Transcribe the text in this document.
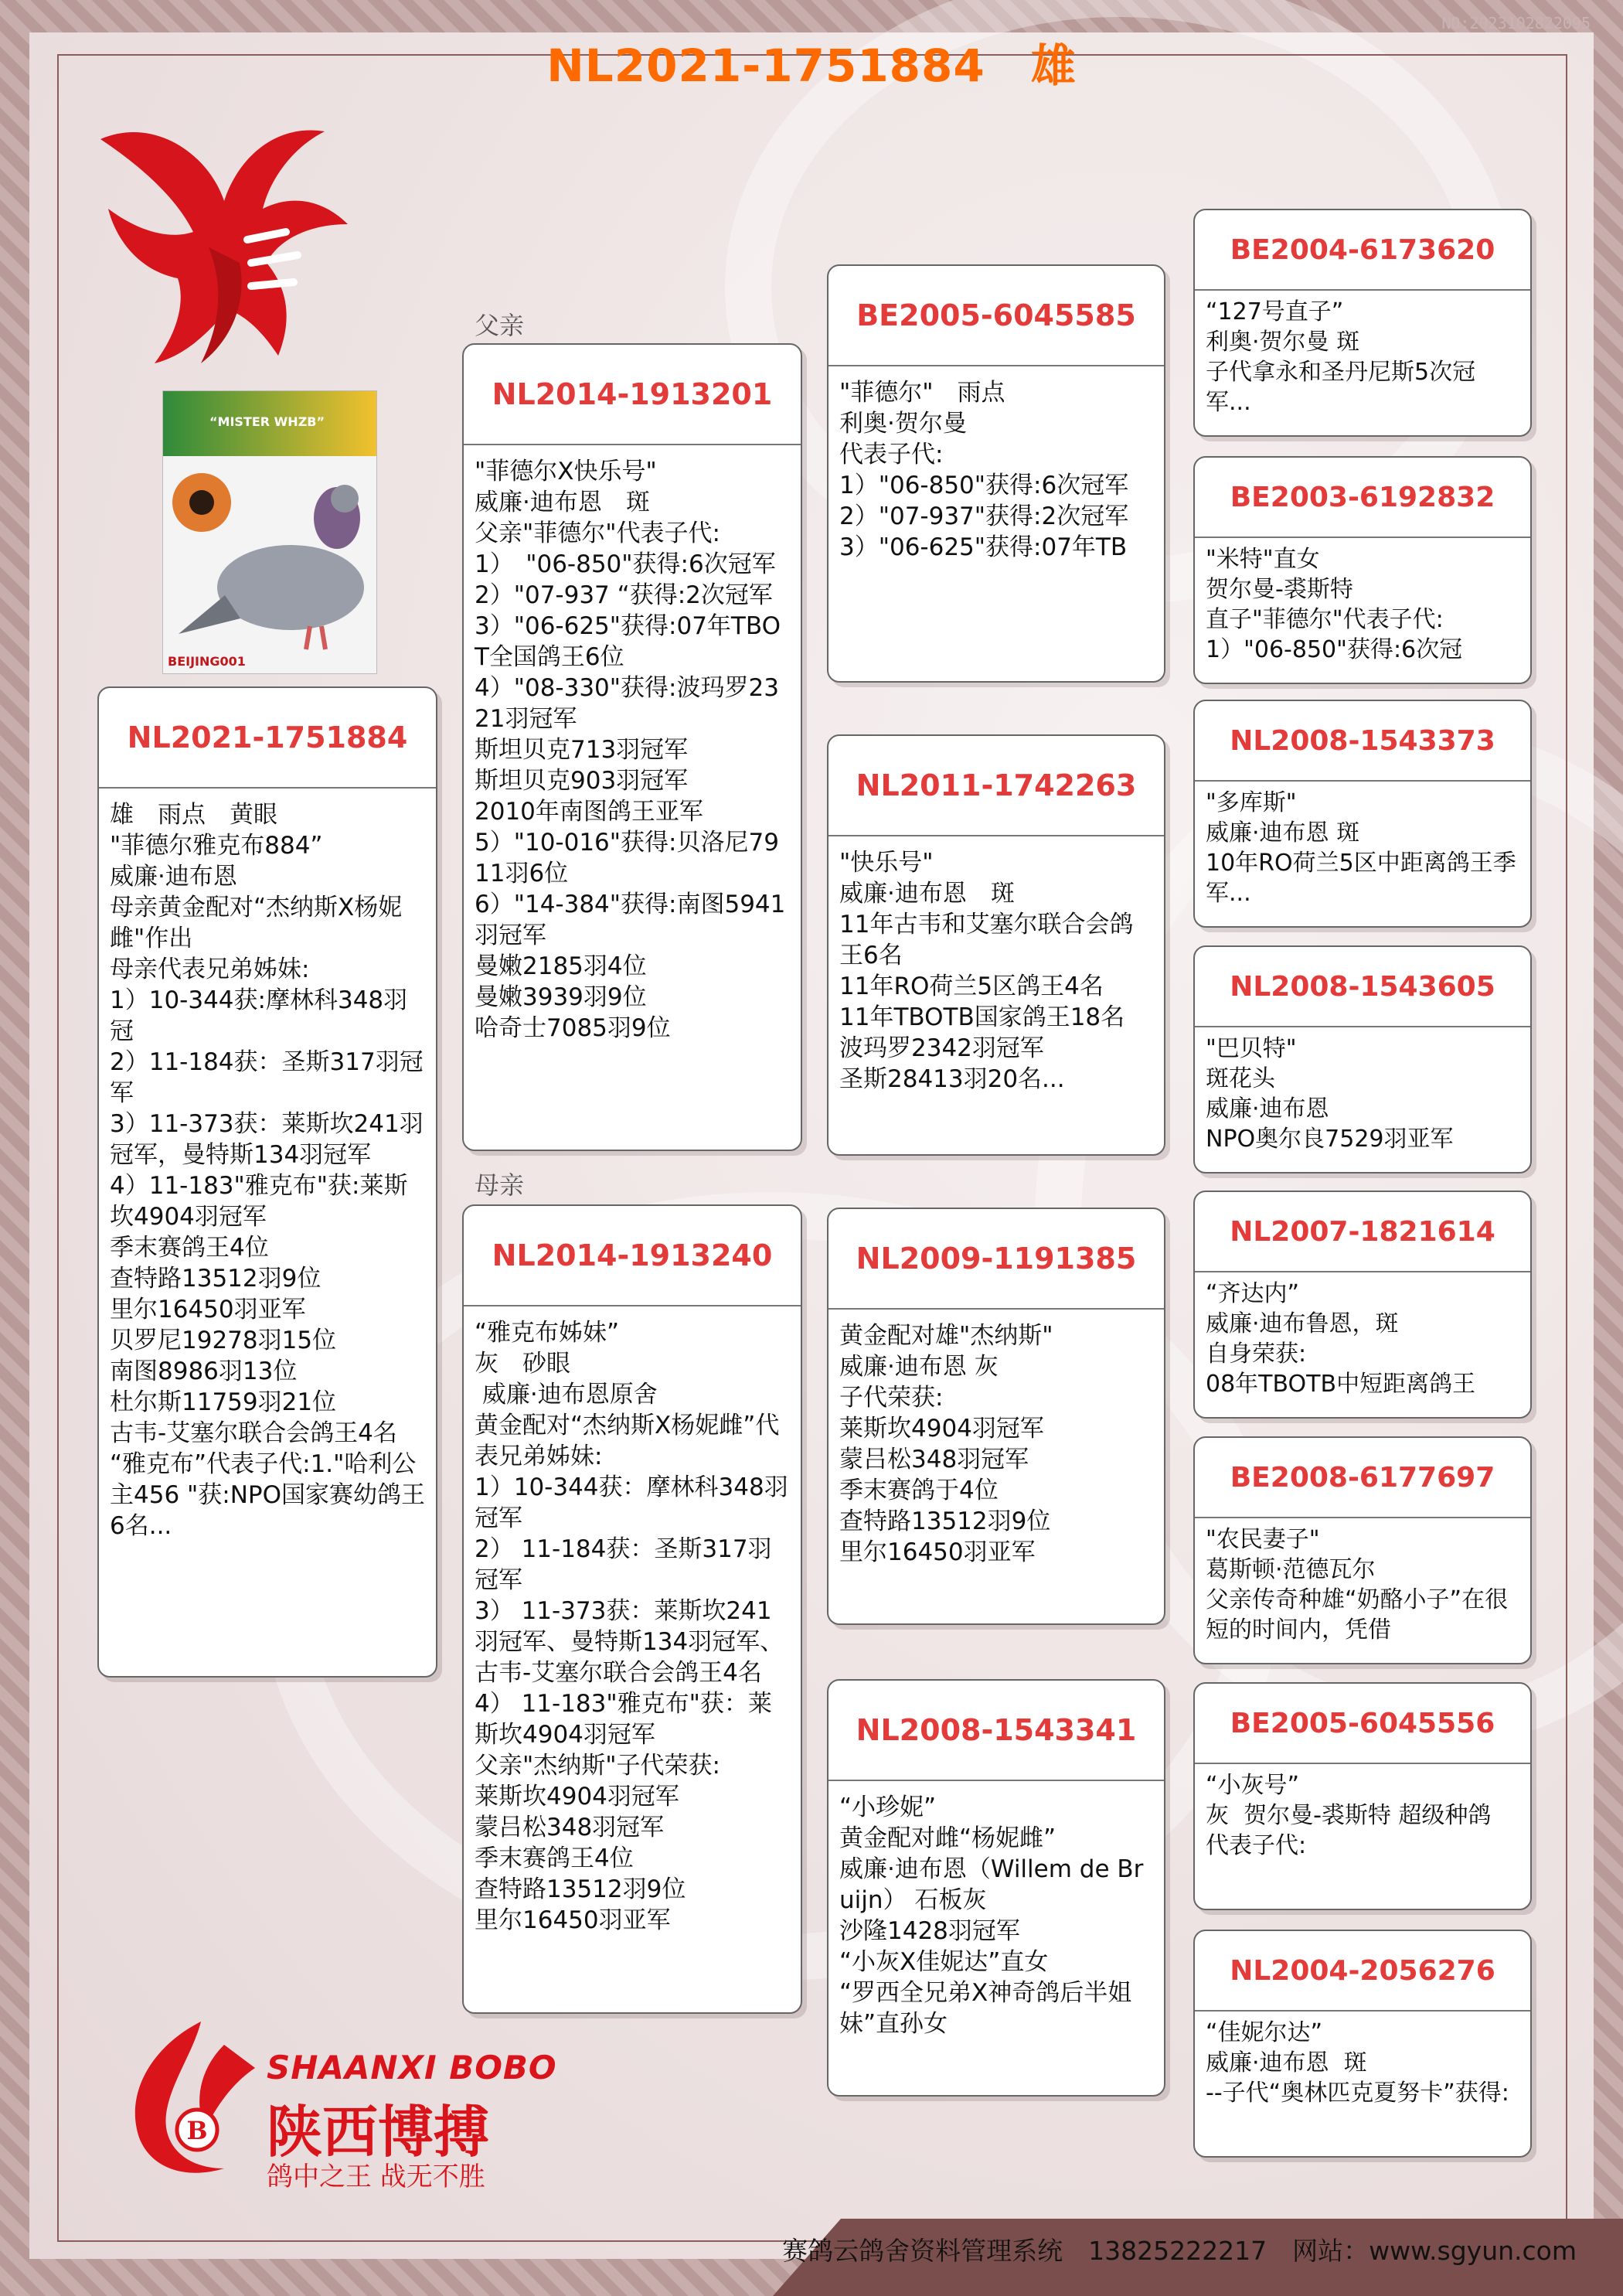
NO:2023102822095
NL2021-1751884　雄
“MISTER WHZB”
BEIJING001
NL2021-1751884
雄　雨点　黄眼
"菲德尔雅克布884”
威廉·迪布恩
母亲黄金配对“杰纳斯X杨妮雌"作出
母亲代表兄弟姊妹:
1）10-344获:摩林科348羽冠
2）11-184获：圣斯317羽冠军
3）11-373获：莱斯坎241羽冠军，曼特斯134羽冠军
4）11-183"雅克布"获:莱斯坎4904羽冠军
季末赛鸽王4位
查特路13512羽9位
里尔16450羽亚军
贝罗尼19278羽15位
南图8986羽13位
杜尔斯11759羽21位
古韦-艾塞尔联合会鸽王4名
“雅克布”代表子代:1."哈利公主456 "获:NPO国家赛幼鸽王6名...
父亲
NL2014-1913201
"菲德尔X快乐号"
威廉·迪布恩　斑
父亲"菲德尔"代表子代:
1）　"06-850"获得:6次冠军
2）"07-937 “获得:2次冠军
3）"06-625"获得:07年TBOT全国鸽王6位
4）"08-330"获得:波玛罗2321羽冠军
斯坦贝克713羽冠军
斯坦贝克903羽冠军
2010年南图鸽王亚军
5）"10-016"获得:贝洛尼7911羽6位
6）"14-384"获得:南图5941羽冠军
曼嫩2185羽4位
曼嫩3939羽9位
哈奇士7085羽9位
母亲
NL2014-1913240
“雅克布姊妹”
灰　砂眼
威廉·迪布恩原舍
黄金配对“杰纳斯X杨妮雌”代表兄弟姊妹:
1）10-344获：摩林科348羽冠军
2） 11-184获：圣斯317羽冠军
3） 11-373获：莱斯坎241羽冠军、曼特斯134羽冠军、古韦-艾塞尔联合会鸽王4名
4） 11-183"雅克布"获：莱斯坎4904羽冠军
父亲"杰纳斯"子代荣获:
莱斯坎4904羽冠军
蒙吕松348羽冠军
季末赛鸽王4位
查特路13512羽9位
里尔16450羽亚军
BE2005-6045585
"菲德尔"　雨点
利奥·贺尔曼
代表子代:
1）"06-850"获得:6次冠军
2）"07-937"获得:2次冠军
3）"06-625"获得:07年TB
NL2011-1742263
"快乐号"
威廉·迪布恩　斑
11年古韦和艾塞尔联合会鸽王6名
11年RO荷兰5区鸽王4名
11年TBOTB国家鸽王18名
波玛罗2342羽冠军
圣斯28413羽20名...
NL2009-1191385
黄金配对雄"杰纳斯"
威廉·迪布恩 灰
子代荣获:
莱斯坎4904羽冠军
蒙吕松348羽冠军
季末赛鸽于4位
查特路13512羽9位
里尔16450羽亚军
NL2008-1543341
“小珍妮”
黄金配对雌“杨妮雌”
威廉·迪布恩（Willem de Bruijn） 石板灰
沙隆1428羽冠军
“小灰X佳妮达”直女
“罗西全兄弟X神奇鸽后半姐妹”直孙女
BE2004-6173620
“127号直子”
利奥·贺尔曼 斑
子代拿永和圣丹尼斯5次冠军...
BE2003-6192832
"米特"直女
贺尔曼-裘斯特
直子"菲德尔"代表子代:
1）"06-850"获得:6次冠
NL2008-1543373
"多库斯"
威廉·迪布恩 斑
10年RO荷兰5区中距离鸽王季军...
NL2008-1543605
"巴贝特"
斑花头
威廉·迪布恩
NPO奥尔良7529羽亚军
NL2007-1821614
“齐达内”
威廉·迪布鲁恩，斑
自身荣获:
08年TBOTB中短距离鸽王
BE2008-6177697
"农民妻子"
葛斯顿·范德瓦尔
父亲传奇种雄“奶酪小子”在很短的时间内，凭借
BE2005-6045556
“小灰号”
灰  贺尔曼-裘斯特 超级种鸽
代表子代:
NL2004-2056276
“佳妮尔达”
威廉·迪布恩  斑
--子代“奥林匹克夏努卡”获得:
B
SHAANXI BOBO
陕西博搏
鸽中之王 战无不胜
赛鸽云鸽舍资料管理系统　13825222217　网站：www.sgyun.com
